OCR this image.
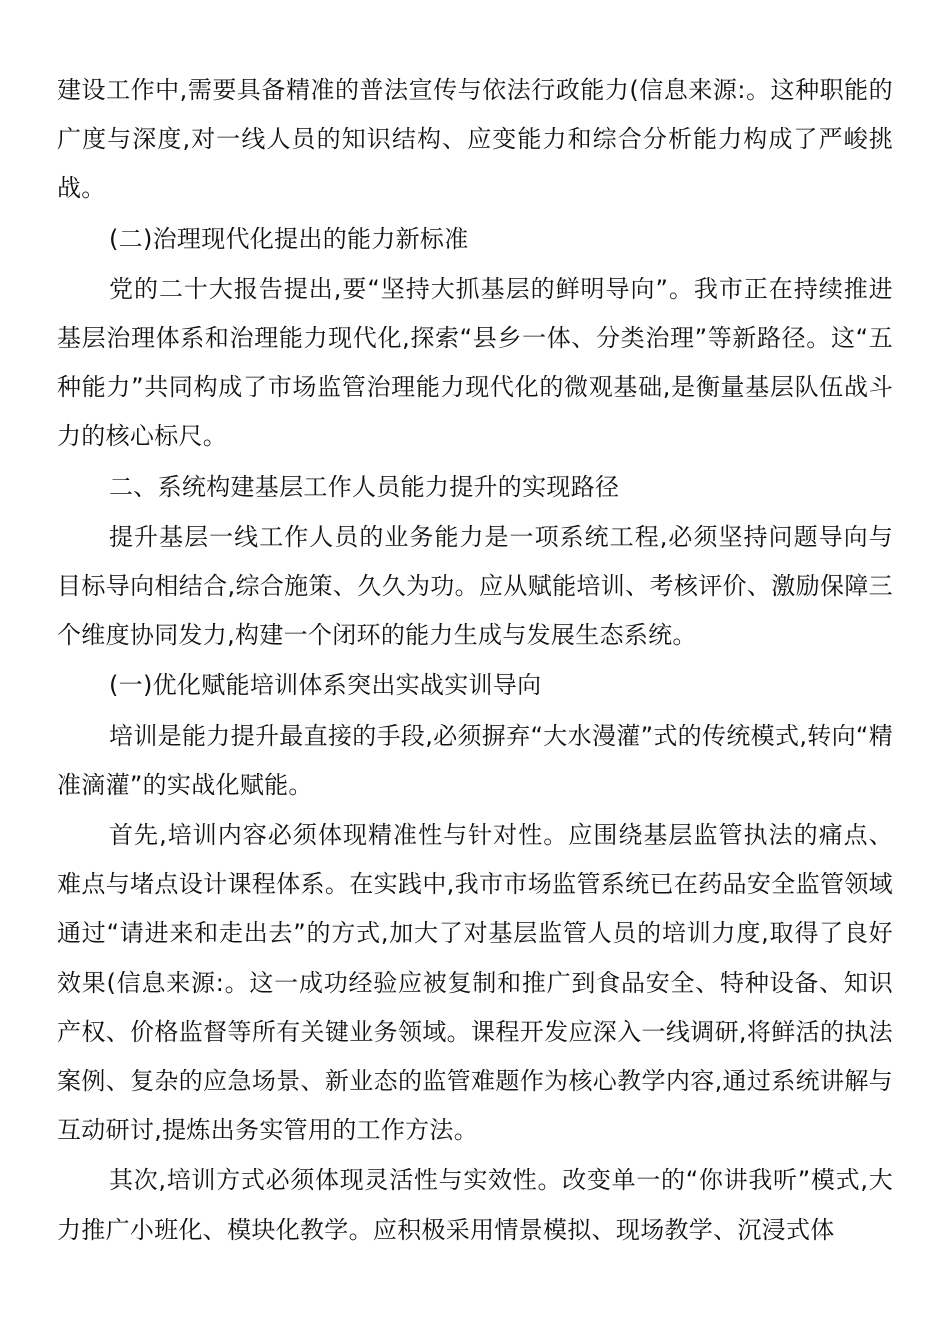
建设工作中,需要具备精准的普法宣传与依法行政能力(信息来源:。这种职能的广度与深度,对一线人员的知识结构、应变能力和综合分析能力构成了严峻挑战。

(二)治理现代化提出的能力新标准

党的二十大报告提出,要“坚持大抓基层的鲜明导向”。我市正在持续推进基层治理体系和治理能力现代化,探索“县乡一体、分类治理”等新路径。这“五种能力”共同构成了市场监管治理能力现代化的微观基础,是衡量基层队伍战斗力的核心标尺。

二、系统构建基层工作人员能力提升的实现路径

提升基层一线工作人员的业务能力是一项系统工程,必须坚持问题导向与目标导向相结合,综合施策、久久为功。应从赋能培训、考核评价、激励保障三个维度协同发力,构建一个闭环的能力生成与发展生态系统。

(一)优化赋能培训体系突出实战实训导向

培训是能力提升最直接的手段,必须摒弃“大水漫灌”式的传统模式,转向“精准滴灌”的实战化赋能。

首先,培训内容必须体现精准性与针对性。应围绕基层监管执法的痛点、难点与堵点设计课程体系。在实践中,我市市场监管系统已在药品安全监管领域通过“请进来和走出去”的方式,加大了对基层监管人员的培训力度,取得了良好效果(信息来源:。这一成功经验应被复制和推广到食品安全、特种设备、知识产权、价格监督等所有关键业务领域。课程开发应深入一线调研,将鲜活的执法案例、复杂的应急场景、新业态的监管难题作为核心教学内容,通过系统讲解与互动研讨,提炼出务实管用的工作方法。

其次,培训方式必须体现灵活性与实效性。改变单一的“你讲我听”模式,大力推广小班化、模块化教学。应积极采用情景模拟、现场教学、沉浸式体
